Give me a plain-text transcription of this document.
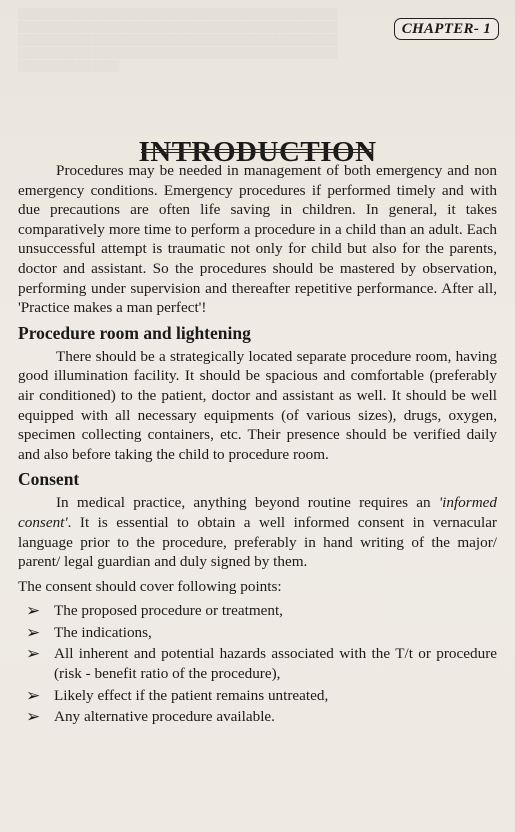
▒▒▒▒▒▒▒▒▒▒▒▒▒▒▒▒▒▒▒▒▒▒▒▒▒▒▒▒▒▒▒▒▒▒▒▒▒▒▒▒▒
▒▒▒▒▒▒▒▒▒▒▒▒▒▒▒▒▒▒▒▒▒▒▒▒▒▒▒▒▒▒▒▒▒▒▒▒▒▒▒▒▒
▒▒▒▒▒▒▒▒▒▒▒▒▒▒▒▒▒▒▒▒▒▒▒▒▒▒▒▒▒▒▒▒▒▒▒▒▒▒▒▒▒
▒▒▒▒▒▒▒▒▒▒▒▒▒▒▒▒▒▒▒▒▒▒▒▒▒▒▒▒▒▒▒▒▒▒▒▒▒▒▒▒▒
▒▒▒▒▒▒▒▒▒▒▒▒▒
CHAPTER- 1
INTRODUCTION

Procedures may be needed in management of both emergency and non emergency conditions. Emergency procedures if performed timely and with due precautions are often life saving in children. In general, it takes comparatively more time to perform a procedure in a child than an adult. Each unsuccessful attempt is traumatic not only for child but also for the parents, doctor and assistant. So the procedures should be mastered by observation, performing under supervision and thereafter repetitive performance. After all, 'Practice makes a man perfect'!

Procedure room and lightening

There should be a strategically located separate procedure room, having good illumination facility. It should be spacious and comfortable (preferably air conditioned) to the patient, doctor and assistant as well. It should be well equipped with all necessary equipments (of various sizes), drugs, oxygen, specimen collecting containers, etc. Their presence should be verified daily and also before taking the child to procedure room.

Consent

In medical practice, anything beyond routine requires an 'informed consent'. It is essential to obtain a well informed consent in vernacular language prior to the procedure, preferably in hand writing of the major/ parent/ legal guardian and duly signed by them.

The consent should cover following points:

➢ The proposed procedure or treatment,
➢ The indications,
➢ All inherent and potential hazards associated with the T/t or procedure (risk - benefit ratio of the procedure),
➢ Likely effect if the patient remains untreated,
➢ Any alternative procedure available.
